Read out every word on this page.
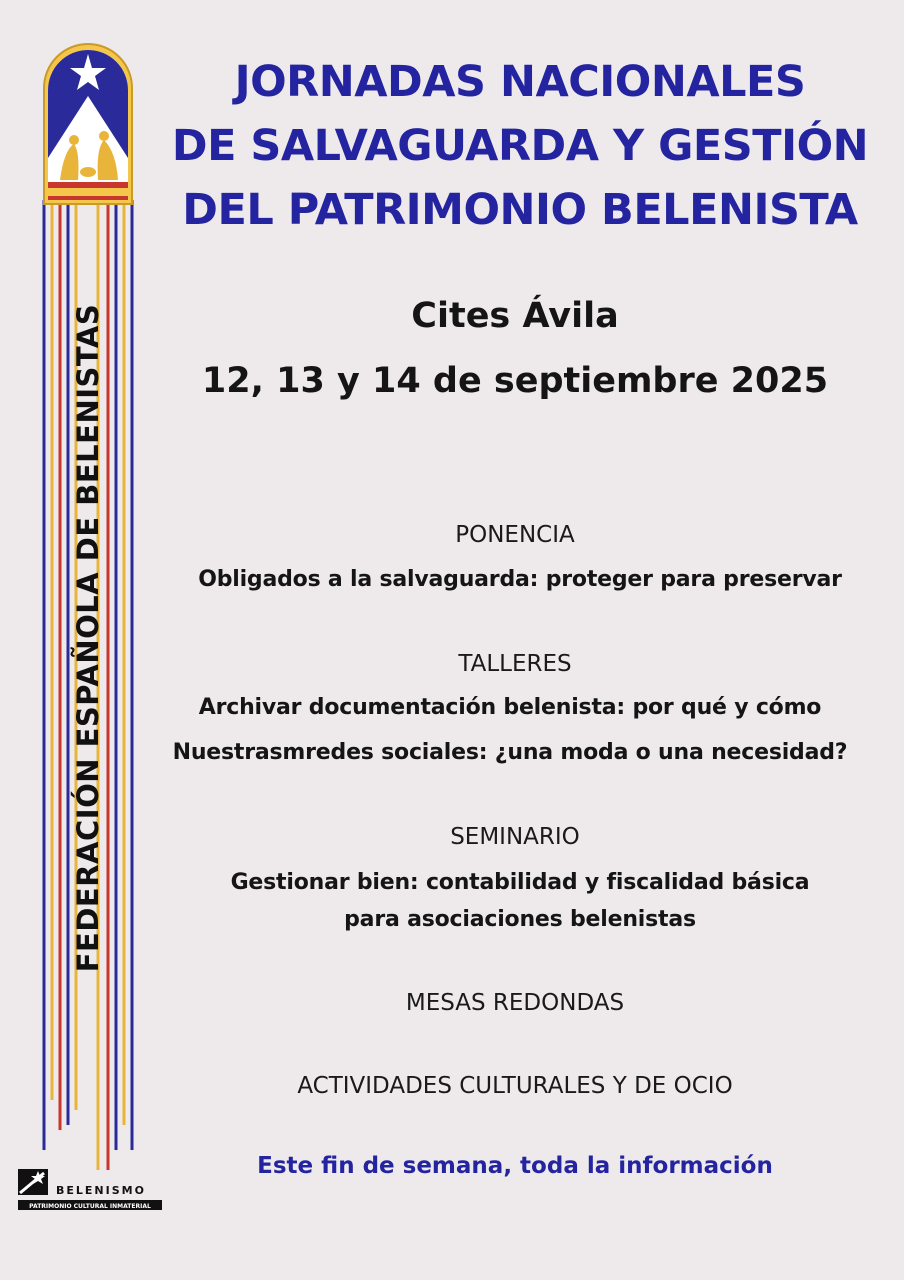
FEDERACIÓN ESPAÑOLA DE BELENISTAS
BELENISMO
PATRIMONIO CULTURAL INMATERIAL
JORNADAS NACIONALES
DE SALVAGUARDA Y GESTIÓN
DEL PATRIMONIO BELENISTA
Cites Ávila
12, 13 y 14 de septiembre 2025
PONENCIA
Obligados a la salvaguarda: proteger para preservar
TALLERES
Archivar documentación belenista: por qué y cómo
Nuestrasmredes sociales: ¿una moda o una necesidad?
SEMINARIO
Gestionar bien: contabilidad y fiscalidad básica
para asociaciones belenistas
MESAS REDONDAS
ACTIVIDADES CULTURALES Y DE OCIO
Este fin de semana, toda la información
